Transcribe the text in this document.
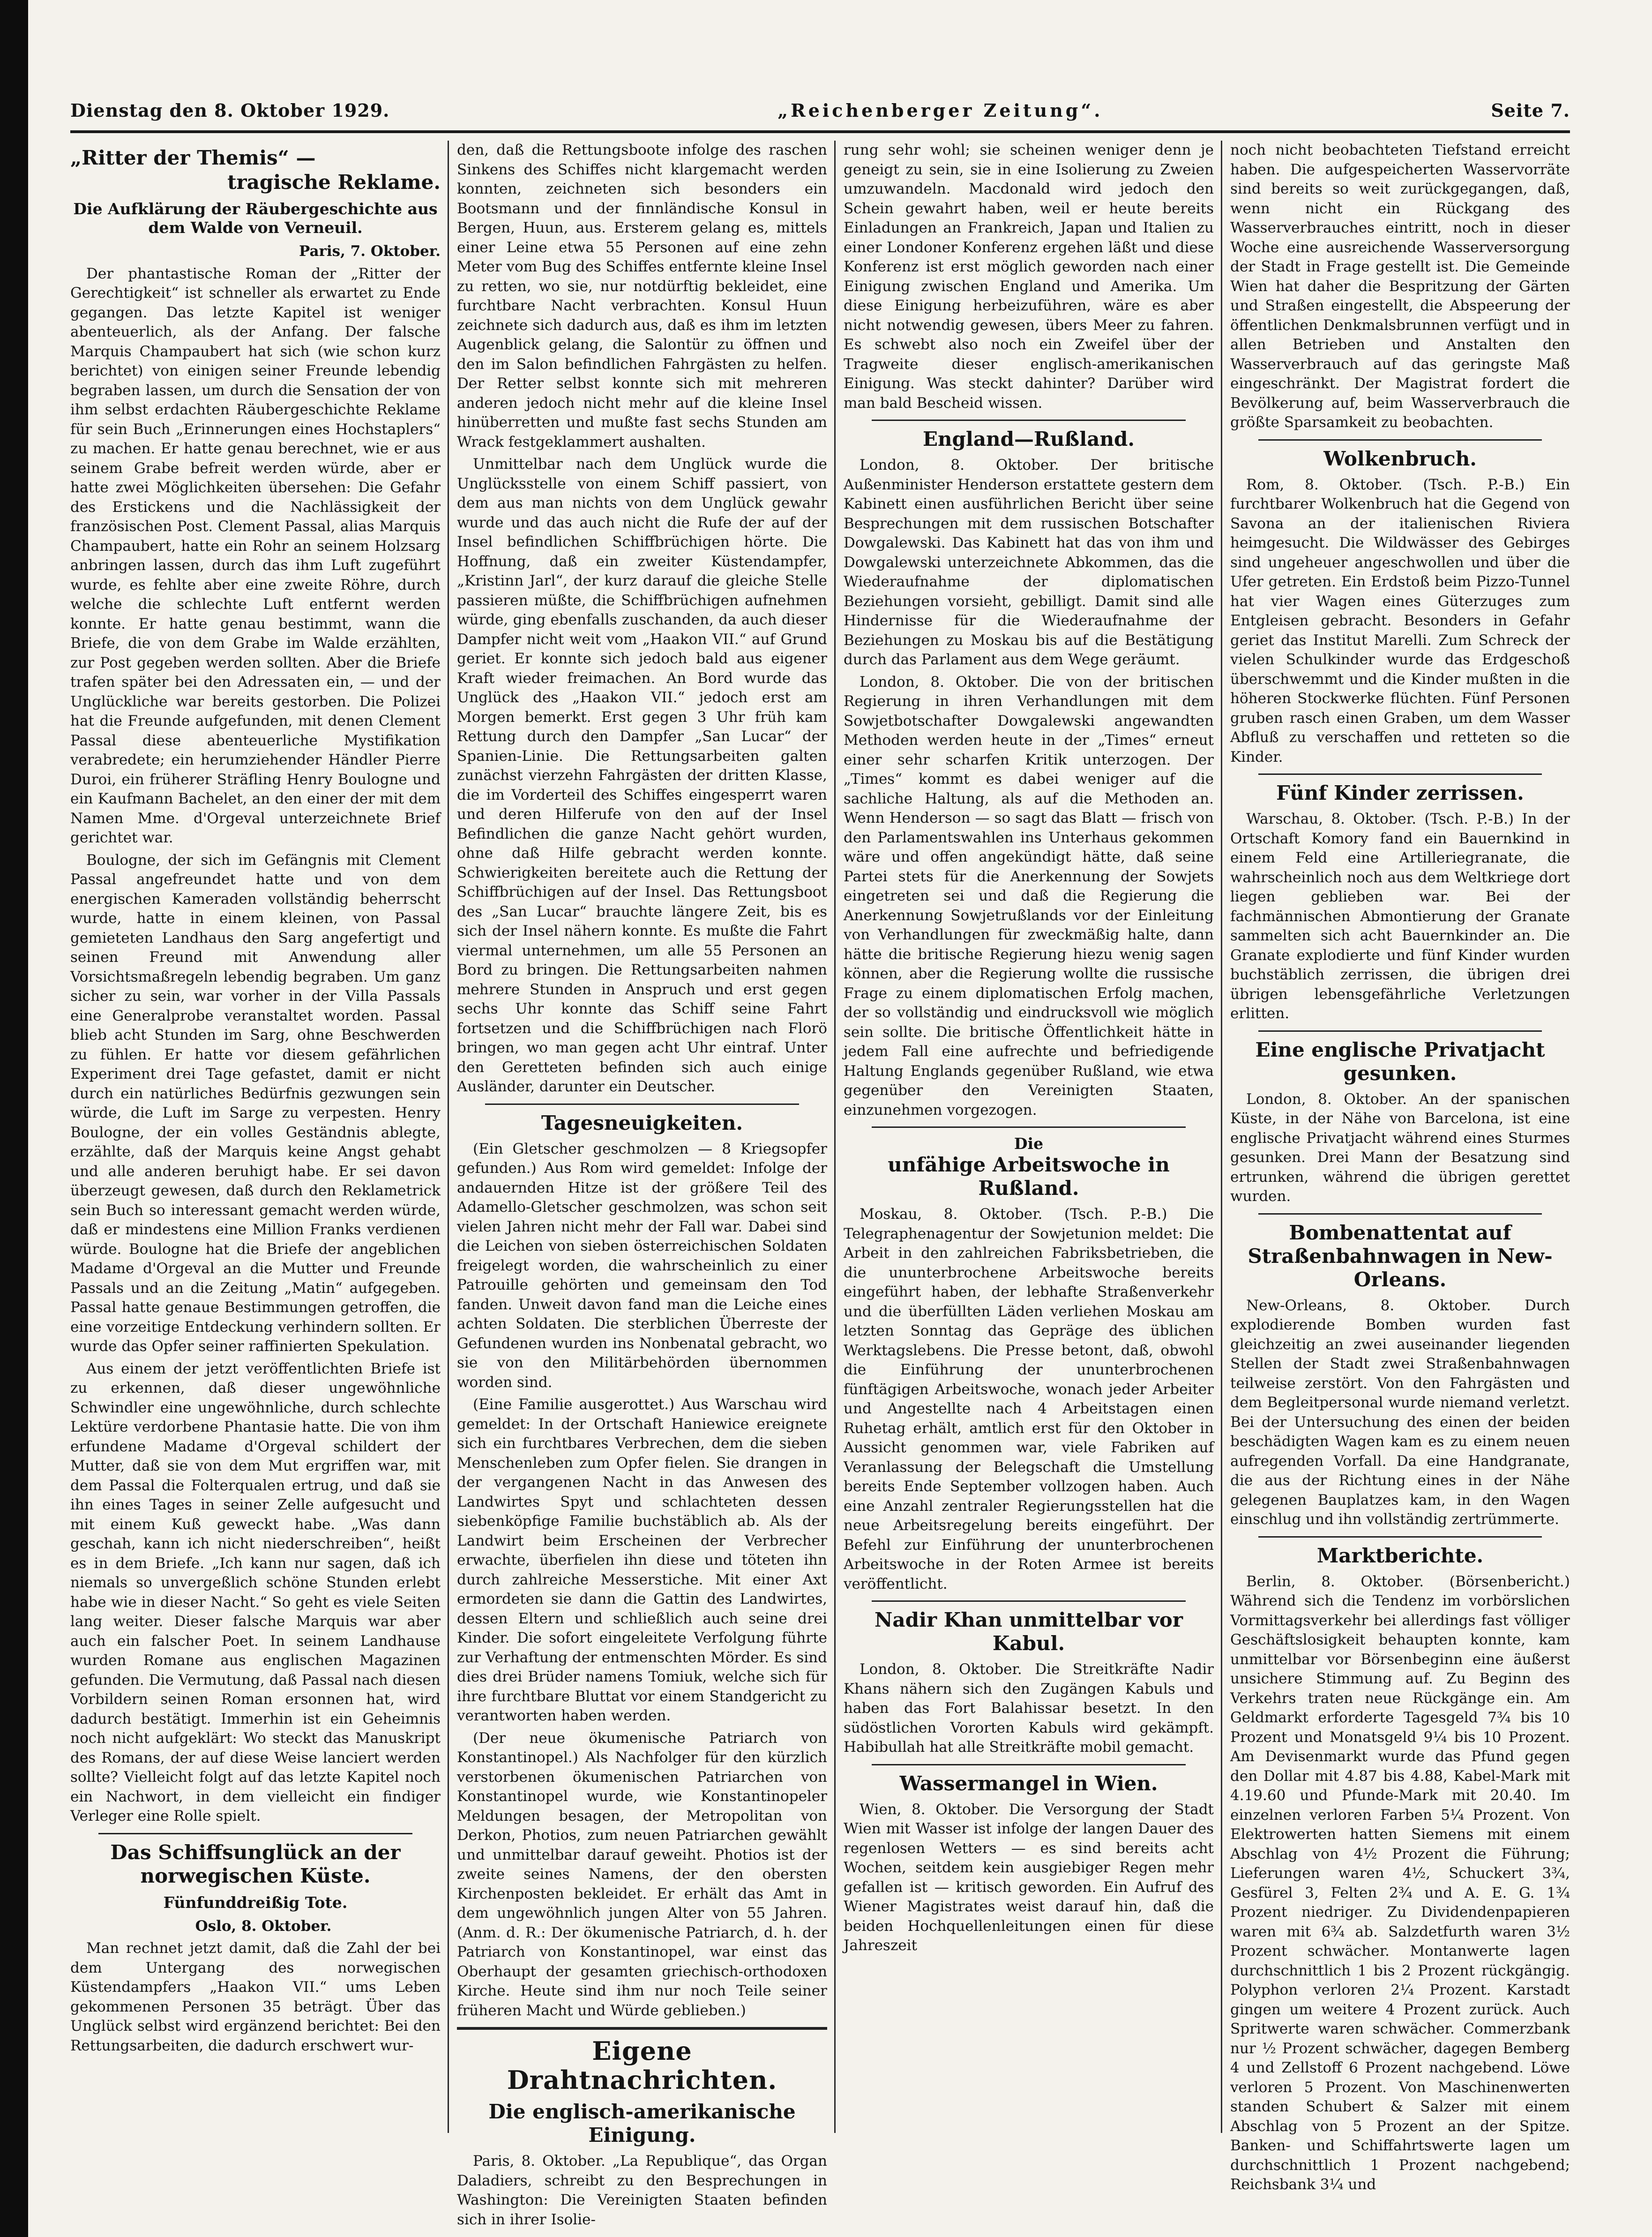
Dienstag den 8. Oktober 1929.	„Reichenberger Zeitung“.	Seite 7.
„Ritter der Themis“ —
tragische Reklame.
Die Aufklärung der Räubergeschichte aus dem Walde von Verneuil.

Paris, 7. Oktober.

Der phantastische Roman der „Ritter der Gerechtigkeit“ ist schneller als erwartet zu Ende gegangen. Das letzte Kapitel ist weniger abenteuerlich, als der Anfang. Der falsche Marquis Champaubert hat sich (wie schon kurz berichtet) von einigen seiner Freunde lebendig begraben lassen, um durch die Sensation der von ihm selbst erdachten Räubergeschichte Reklame für sein Buch „Erinnerungen eines Hochstaplers“ zu machen. Er hatte genau berechnet, wie er aus seinem Grabe befreit werden würde, aber er hatte zwei Möglichkeiten übersehen: Die Gefahr des Erstickens und die Nachlässigkeit der französischen Post. Clement Passal, alias Marquis Champaubert, hatte ein Rohr an seinem Holzsarg anbringen lassen, durch das ihm Luft zugeführt wurde, es fehlte aber eine zweite Röhre, durch welche die schlechte Luft entfernt werden konnte. Er hatte genau bestimmt, wann die Briefe, die von dem Grabe im Walde erzählten, zur Post gegeben werden sollten. Aber die Briefe trafen später bei den Adressaten ein, — und der Unglückliche war bereits gestorben. Die Polizei hat die Freunde aufgefunden, mit denen Clement Passal diese abenteuerliche Mystifikation verabredete; ein herumziehender Händler Pierre Duroi, ein früherer Sträfling Henry Boulogne und ein Kaufmann Bachelet, an den einer der mit dem Namen Mme. d'Orgeval unterzeichnete Brief gerichtet war.

Boulogne, der sich im Gefängnis mit Clement Passal angefreundet hatte und von dem energischen Kameraden vollständig beherrscht wurde, hatte in einem kleinen, von Passal gemieteten Landhaus den Sarg angefertigt und seinen Freund mit Anwendung aller Vorsichtsmaßregeln lebendig begraben. Um ganz sicher zu sein, war vorher in der Villa Passals eine Generalprobe veranstaltet worden. Passal blieb acht Stunden im Sarg, ohne Beschwerden zu fühlen. Er hatte vor diesem gefährlichen Experiment drei Tage gefastet, damit er nicht durch ein natürliches Bedürfnis gezwungen sein würde, die Luft im Sarge zu verpesten. Henry Boulogne, der ein volles Geständnis ablegte, erzählte, daß der Marquis keine Angst gehabt und alle anderen beruhigt habe. Er sei davon überzeugt gewesen, daß durch den Reklametrick sein Buch so interessant gemacht werden würde, daß er mindestens eine Million Franks verdienen würde. Boulogne hat die Briefe der angeblichen Madame d'Orgeval an die Mutter und Freunde Passals und an die Zeitung „Matin“ aufgegeben. Passal hatte genaue Bestimmungen getroffen, die eine vorzeitige Entdeckung verhindern sollten. Er wurde das Opfer seiner raffinierten Spekulation.

Aus einem der jetzt veröffentlichten Briefe ist zu erkennen, daß dieser ungewöhnliche Schwindler eine ungewöhnliche, durch schlechte Lektüre verdorbene Phantasie hatte. Die von ihm erfundene Madame d'Orgeval schildert der Mutter, daß sie von dem Mut ergriffen war, mit dem Passal die Folterqualen ertrug, und daß sie ihn eines Tages in seiner Zelle aufgesucht und mit einem Kuß geweckt habe. „Was dann geschah, kann ich nicht niederschreiben“, heißt es in dem Briefe. „Ich kann nur sagen, daß ich niemals so unvergeßlich schöne Stunden erlebt habe wie in dieser Nacht.“ So geht es viele Seiten lang weiter. Dieser falsche Marquis war aber auch ein falscher Poet. In seinem Landhause wurden Romane aus englischen Magazinen gefunden. Die Vermutung, daß Passal nach diesen Vorbildern seinen Roman ersonnen hat, wird dadurch bestätigt. Immerhin ist ein Geheimnis noch nicht aufgeklärt: Wo steckt das Manuskript des Romans, der auf diese Weise lanciert werden sollte? Vielleicht folgt auf das letzte Kapitel noch ein Nachwort, in dem vielleicht ein findiger Verleger eine Rolle spielt.

Das Schiffsunglück an der norwegischen Küste.
Fünfunddreißig Tote.

Oslo, 8. Oktober.

Man rechnet jetzt damit, daß die Zahl der bei dem Untergang des norwegischen Küstendampfers „Haakon VII.“ ums Leben gekommenen Personen 35 beträgt. Über das Unglück selbst wird ergänzend berichtet: Bei den Rettungsarbeiten, die dadurch erschwert wur-

den, daß die Rettungsboote infolge des raschen Sinkens des Schiffes nicht klargemacht werden konnten, zeichneten sich besonders ein Bootsmann und der finnländische Konsul in Bergen, Huun, aus. Ersterem gelang es, mittels einer Leine etwa 55 Personen auf eine zehn Meter vom Bug des Schiffes entfernte kleine Insel zu retten, wo sie, nur notdürftig bekleidet, eine furchtbare Nacht verbrachten. Konsul Huun zeichnete sich dadurch aus, daß es ihm im letzten Augenblick gelang, die Salontür zu öffnen und den im Salon befindlichen Fahrgästen zu helfen. Der Retter selbst konnte sich mit mehreren anderen jedoch nicht mehr auf die kleine Insel hinüberretten und mußte fast sechs Stunden am Wrack festgeklammert aushalten.

Unmittelbar nach dem Unglück wurde die Unglücksstelle von einem Schiff passiert, von dem aus man nichts von dem Unglück gewahr wurde und das auch nicht die Rufe der auf der Insel befindlichen Schiffbrüchigen hörte. Die Hoffnung, daß ein zweiter Küstendampfer, „Kristinn Jarl“, der kurz darauf die gleiche Stelle passieren müßte, die Schiffbrüchigen aufnehmen würde, ging ebenfalls zuschanden, da auch dieser Dampfer nicht weit vom „Haakon VII.“ auf Grund geriet. Er konnte sich jedoch bald aus eigener Kraft wieder freimachen. An Bord wurde das Unglück des „Haakon VII.“ jedoch erst am Morgen bemerkt. Erst gegen 3 Uhr früh kam Rettung durch den Dampfer „San Lucar“ der Spanien-Linie. Die Rettungsarbeiten galten zunächst vierzehn Fahrgästen der dritten Klasse, die im Vorderteil des Schiffes eingesperrt waren und deren Hilferufe von den auf der Insel Befindlichen die ganze Nacht gehört wurden, ohne daß Hilfe gebracht werden konnte. Schwierigkeiten bereitete auch die Rettung der Schiffbrüchigen auf der Insel. Das Rettungsboot des „San Lucar“ brauchte längere Zeit, bis es sich der Insel nähern konnte. Es mußte die Fahrt viermal unternehmen, um alle 55 Personen an Bord zu bringen. Die Rettungsarbeiten nahmen mehrere Stunden in Anspruch und erst gegen sechs Uhr konnte das Schiff seine Fahrt fortsetzen und die Schiffbrüchigen nach Florö bringen, wo man gegen acht Uhr eintraf. Unter den Geretteten befinden sich auch einige Ausländer, darunter ein Deutscher.

Tagesneuigkeiten.

(Ein Gletscher geschmolzen — 8 Kriegsopfer gefunden.) Aus Rom wird gemeldet: Infolge der andauernden Hitze ist der größere Teil des Adamello-Gletscher geschmolzen, was schon seit vielen Jahren nicht mehr der Fall war. Dabei sind die Leichen von sieben österreichischen Soldaten freigelegt worden, die wahrscheinlich zu einer Patrouille gehörten und gemeinsam den Tod fanden. Unweit davon fand man die Leiche eines achten Soldaten. Die sterblichen Überreste der Gefundenen wurden ins Nonbenatal gebracht, wo sie von den Militärbehörden übernommen worden sind.

(Eine Familie ausgerottet.) Aus Warschau wird gemeldet: In der Ortschaft Haniewice ereignete sich ein furchtbares Verbrechen, dem die sieben Menschenleben zum Opfer fielen. Sie drangen in der vergangenen Nacht in das Anwesen des Landwirtes Spyt und schlachteten dessen siebenköpfige Familie buchstäblich ab. Als der Landwirt beim Erscheinen der Verbrecher erwachte, überfielen ihn diese und töteten ihn durch zahlreiche Messerstiche. Mit einer Axt ermordeten sie dann die Gattin des Landwirtes, dessen Eltern und schließlich auch seine drei Kinder. Die sofort eingeleitete Verfolgung führte zur Verhaftung der entmenschten Mörder. Es sind dies drei Brüder namens Tomiuk, welche sich für ihre furchtbare Bluttat vor einem Standgericht zu verantworten haben werden.

(Der neue ökumenische Patriarch von Konstantinopel.) Als Nachfolger für den kürzlich verstorbenen ökumenischen Patriarchen von Konstantinopel wurde, wie Konstantinopeler Meldungen besagen, der Metropolitan von Derkon, Photios, zum neuen Patriarchen gewählt und unmittelbar darauf geweiht. Photios ist der zweite seines Namens, der den obersten Kirchenposten bekleidet. Er erhält das Amt in dem ungewöhnlich jungen Alter von 55 Jahren. (Anm. d. R.: Der ökumenische Patriarch, d. h. der Patriarch von Konstantinopel, war einst das Oberhaupt der gesamten griechisch-orthodoxen Kirche. Heute sind ihm nur noch Teile seiner früheren Macht und Würde geblieben.)

Eigene Drahtnachrichten.
Die englisch-amerikanische Einigung.

Paris, 8. Oktober. „La Republique“, das Organ Daladiers, schreibt zu den Besprechungen in Washington: Die Vereinigten Staaten befinden sich in ihrer Isolie-

rung sehr wohl; sie scheinen weniger denn je geneigt zu sein, sie in eine Isolierung zu Zweien umzuwandeln. Macdonald wird jedoch den Schein gewahrt haben, weil er heute bereits Einladungen an Frankreich, Japan und Italien zu einer Londoner Konferenz ergehen läßt und diese Konferenz ist erst möglich geworden nach einer Einigung zwischen England und Amerika. Um diese Einigung herbeizuführen, wäre es aber nicht notwendig gewesen, übers Meer zu fahren. Es schwebt also noch ein Zweifel über der Tragweite dieser englisch-amerikanischen Einigung. Was steckt dahinter? Darüber wird man bald Bescheid wissen.

England—Rußland.

London, 8. Oktober. Der britische Außenminister Henderson erstattete gestern dem Kabinett einen ausführlichen Bericht über seine Besprechungen mit dem russischen Botschafter Dowgalewski. Das Kabinett hat das von ihm und Dowgalewski unterzeichnete Abkommen, das die Wiederaufnahme der diplomatischen Beziehungen vorsieht, gebilligt. Damit sind alle Hindernisse für die Wiederaufnahme der Beziehungen zu Moskau bis auf die Bestätigung durch das Parlament aus dem Wege geräumt.

London, 8. Oktober. Die von der britischen Regierung in ihren Verhandlungen mit dem Sowjetbotschafter Dowgalewski angewandten Methoden werden heute in der „Times“ erneut einer sehr scharfen Kritik unterzogen. Der „Times“ kommt es dabei weniger auf die sachliche Haltung, als auf die Methoden an. Wenn Henderson — so sagt das Blatt — frisch von den Parlamentswahlen ins Unterhaus gekommen wäre und offen angekündigt hätte, daß seine Partei stets für die Anerkennung der Sowjets eingetreten sei und daß die Regierung die Anerkennung Sowjetrußlands vor der Einleitung von Verhandlungen für zweckmäßig halte, dann hätte die britische Regierung hiezu wenig sagen können, aber die Regierung wollte die russische Frage zu einem diplomatischen Erfolg machen, der so vollständig und eindrucksvoll wie möglich sein sollte. Die britische Öffentlichkeit hätte in jedem Fall eine aufrechte und befriedigende Haltung Englands gegenüber Rußland, wie etwa gegenüber den Vereinigten Staaten, einzunehmen vorgezogen.

Die
unfähige Arbeitswoche in Rußland.

Moskau, 8. Oktober. (Tsch. P.-B.) Die Telegraphenagentur der Sowjetunion meldet: Die Arbeit in den zahlreichen Fabriksbetrieben, die die ununterbrochene Arbeitswoche bereits eingeführt haben, der lebhafte Straßenverkehr und die überfüllten Läden verliehen Moskau am letzten Sonntag das Gepräge des üblichen Werktagslebens. Die Presse betont, daß, obwohl die Einführung der ununterbrochenen fünftägigen Arbeitswoche, wonach jeder Arbeiter und Angestellte nach 4 Arbeitstagen einen Ruhetag erhält, amtlich erst für den Oktober in Aussicht genommen war, viele Fabriken auf Veranlassung der Belegschaft die Umstellung bereits Ende September vollzogen haben. Auch eine Anzahl zentraler Regierungsstellen hat die neue Arbeitsregelung bereits eingeführt. Der Befehl zur Einführung der ununterbrochenen Arbeitswoche in der Roten Armee ist bereits veröffentlicht.

Nadir Khan unmittelbar vor Kabul.

London, 8. Oktober. Die Streitkräfte Nadir Khans nähern sich den Zugängen Kabuls und haben das Fort Balahissar besetzt. In den südöstlichen Vororten Kabuls wird gekämpft. Habibullah hat alle Streitkräfte mobil gemacht.

Wassermangel in Wien.

Wien, 8. Oktober. Die Versorgung der Stadt Wien mit Wasser ist infolge der langen Dauer des regenlosen Wetters — es sind bereits acht Wochen, seitdem kein ausgiebiger Regen mehr gefallen ist — kritisch geworden. Ein Aufruf des Wiener Magistrates weist darauf hin, daß die beiden Hochquellenleitungen einen für diese Jahreszeit

noch nicht beobachteten Tiefstand erreicht haben. Die aufgespeicherten Wasservorräte sind bereits so weit zurückgegangen, daß, wenn nicht ein Rückgang des Wasserverbrauches eintritt, noch in dieser Woche eine ausreichende Wasserversorgung der Stadt in Frage gestellt ist. Die Gemeinde Wien hat daher die Bespritzung der Gärten und Straßen eingestellt, die Abspeerung der öffentlichen Denkmalsbrunnen verfügt und in allen Betrieben und Anstalten den Wasserverbrauch auf das geringste Maß eingeschränkt. Der Magistrat fordert die Bevölkerung auf, beim Wasserverbrauch die größte Sparsamkeit zu beobachten.

Wolkenbruch.

Rom, 8. Oktober. (Tsch. P.-B.) Ein furchtbarer Wolkenbruch hat die Gegend von Savona an der italienischen Riviera heimgesucht. Die Wildwässer des Gebirges sind ungeheuer angeschwollen und über die Ufer getreten. Ein Erdstoß beim Pizzo-Tunnel hat vier Wagen eines Güterzuges zum Entgleisen gebracht. Besonders in Gefahr geriet das Institut Marelli. Zum Schreck der vielen Schulkinder wurde das Erdgeschoß überschwemmt und die Kinder mußten in die höheren Stockwerke flüchten. Fünf Personen gruben rasch einen Graben, um dem Wasser Abfluß zu verschaffen und retteten so die Kinder.

Fünf Kinder zerrissen.

Warschau, 8. Oktober. (Tsch. P.-B.) In der Ortschaft Komory fand ein Bauernkind in einem Feld eine Artilleriegranate, die wahrscheinlich noch aus dem Weltkriege dort liegen geblieben war. Bei der fachmännischen Abmontierung der Granate sammelten sich acht Bauernkinder an. Die Granate explodierte und fünf Kinder wurden buchstäblich zerrissen, die übrigen drei übrigen lebensgefährliche Verletzungen erlitten.

Eine englische Privatjacht gesunken.

London, 8. Oktober. An der spanischen Küste, in der Nähe von Barcelona, ist eine englische Privatjacht während eines Sturmes gesunken. Drei Mann der Besatzung sind ertrunken, während die übrigen gerettet wurden.

Bombenattentat auf Straßenbahnwagen in New-Orleans.

New-Orleans, 8. Oktober. Durch explodierende Bomben wurden fast gleichzeitig an zwei auseinander liegenden Stellen der Stadt zwei Straßenbahnwagen teilweise zerstört. Von den Fahrgästen und dem Begleitpersonal wurde niemand verletzt. Bei der Untersuchung des einen der beiden beschädigten Wagen kam es zu einem neuen aufregenden Vorfall. Da eine Handgranate, die aus der Richtung eines in der Nähe gelegenen Bauplatzes kam, in den Wagen einschlug und ihn vollständig zertrümmerte.

Marktberichte.

Berlin, 8. Oktober. (Börsenbericht.) Während sich die Tendenz im vorbörslichen Vormittagsverkehr bei allerdings fast völliger Geschäftslosigkeit behaupten konnte, kam unmittelbar vor Börsenbeginn eine äußerst unsichere Stimmung auf. Zu Beginn des Verkehrs traten neue Rückgänge ein. Am Geldmarkt erforderte Tagesgeld 7¾ bis 10 Prozent und Monatsgeld 9¼ bis 10 Prozent. Am Devisenmarkt wurde das Pfund gegen den Dollar mit 4.87 bis 4.88, Kabel-Mark mit 4.19.60 und Pfunde-Mark mit 20.40. Im einzelnen verloren Farben 5¼ Prozent. Von Elektrowerten hatten Siemens mit einem Abschlag von 4½ Prozent die Führung; Lieferungen waren 4½, Schuckert 3¾, Gesfürel 3, Felten 2¾ und A. E. G. 1¾ Prozent niedriger. Zu Dividendenpapieren waren mit 6¾ ab. Salzdetfurth waren 3½ Prozent schwächer. Montanwerte lagen durchschnittlich 1 bis 2 Prozent rückgängig. Polyphon verloren 2¼ Prozent. Karstadt gingen um weitere 4 Prozent zurück. Auch Spritwerte waren schwächer. Commerzbank nur ½ Prozent schwächer, dagegen Bemberg 4 und Zellstoff 6 Prozent nachgebend. Löwe verloren 5 Prozent. Von Maschinenwerten standen Schubert & Salzer mit einem Abschlag von 5 Prozent an der Spitze. Banken- und Schiffahrtswerte lagen um durchschnittlich 1 Prozent nachgebend; Reichsbank 3¼ und
